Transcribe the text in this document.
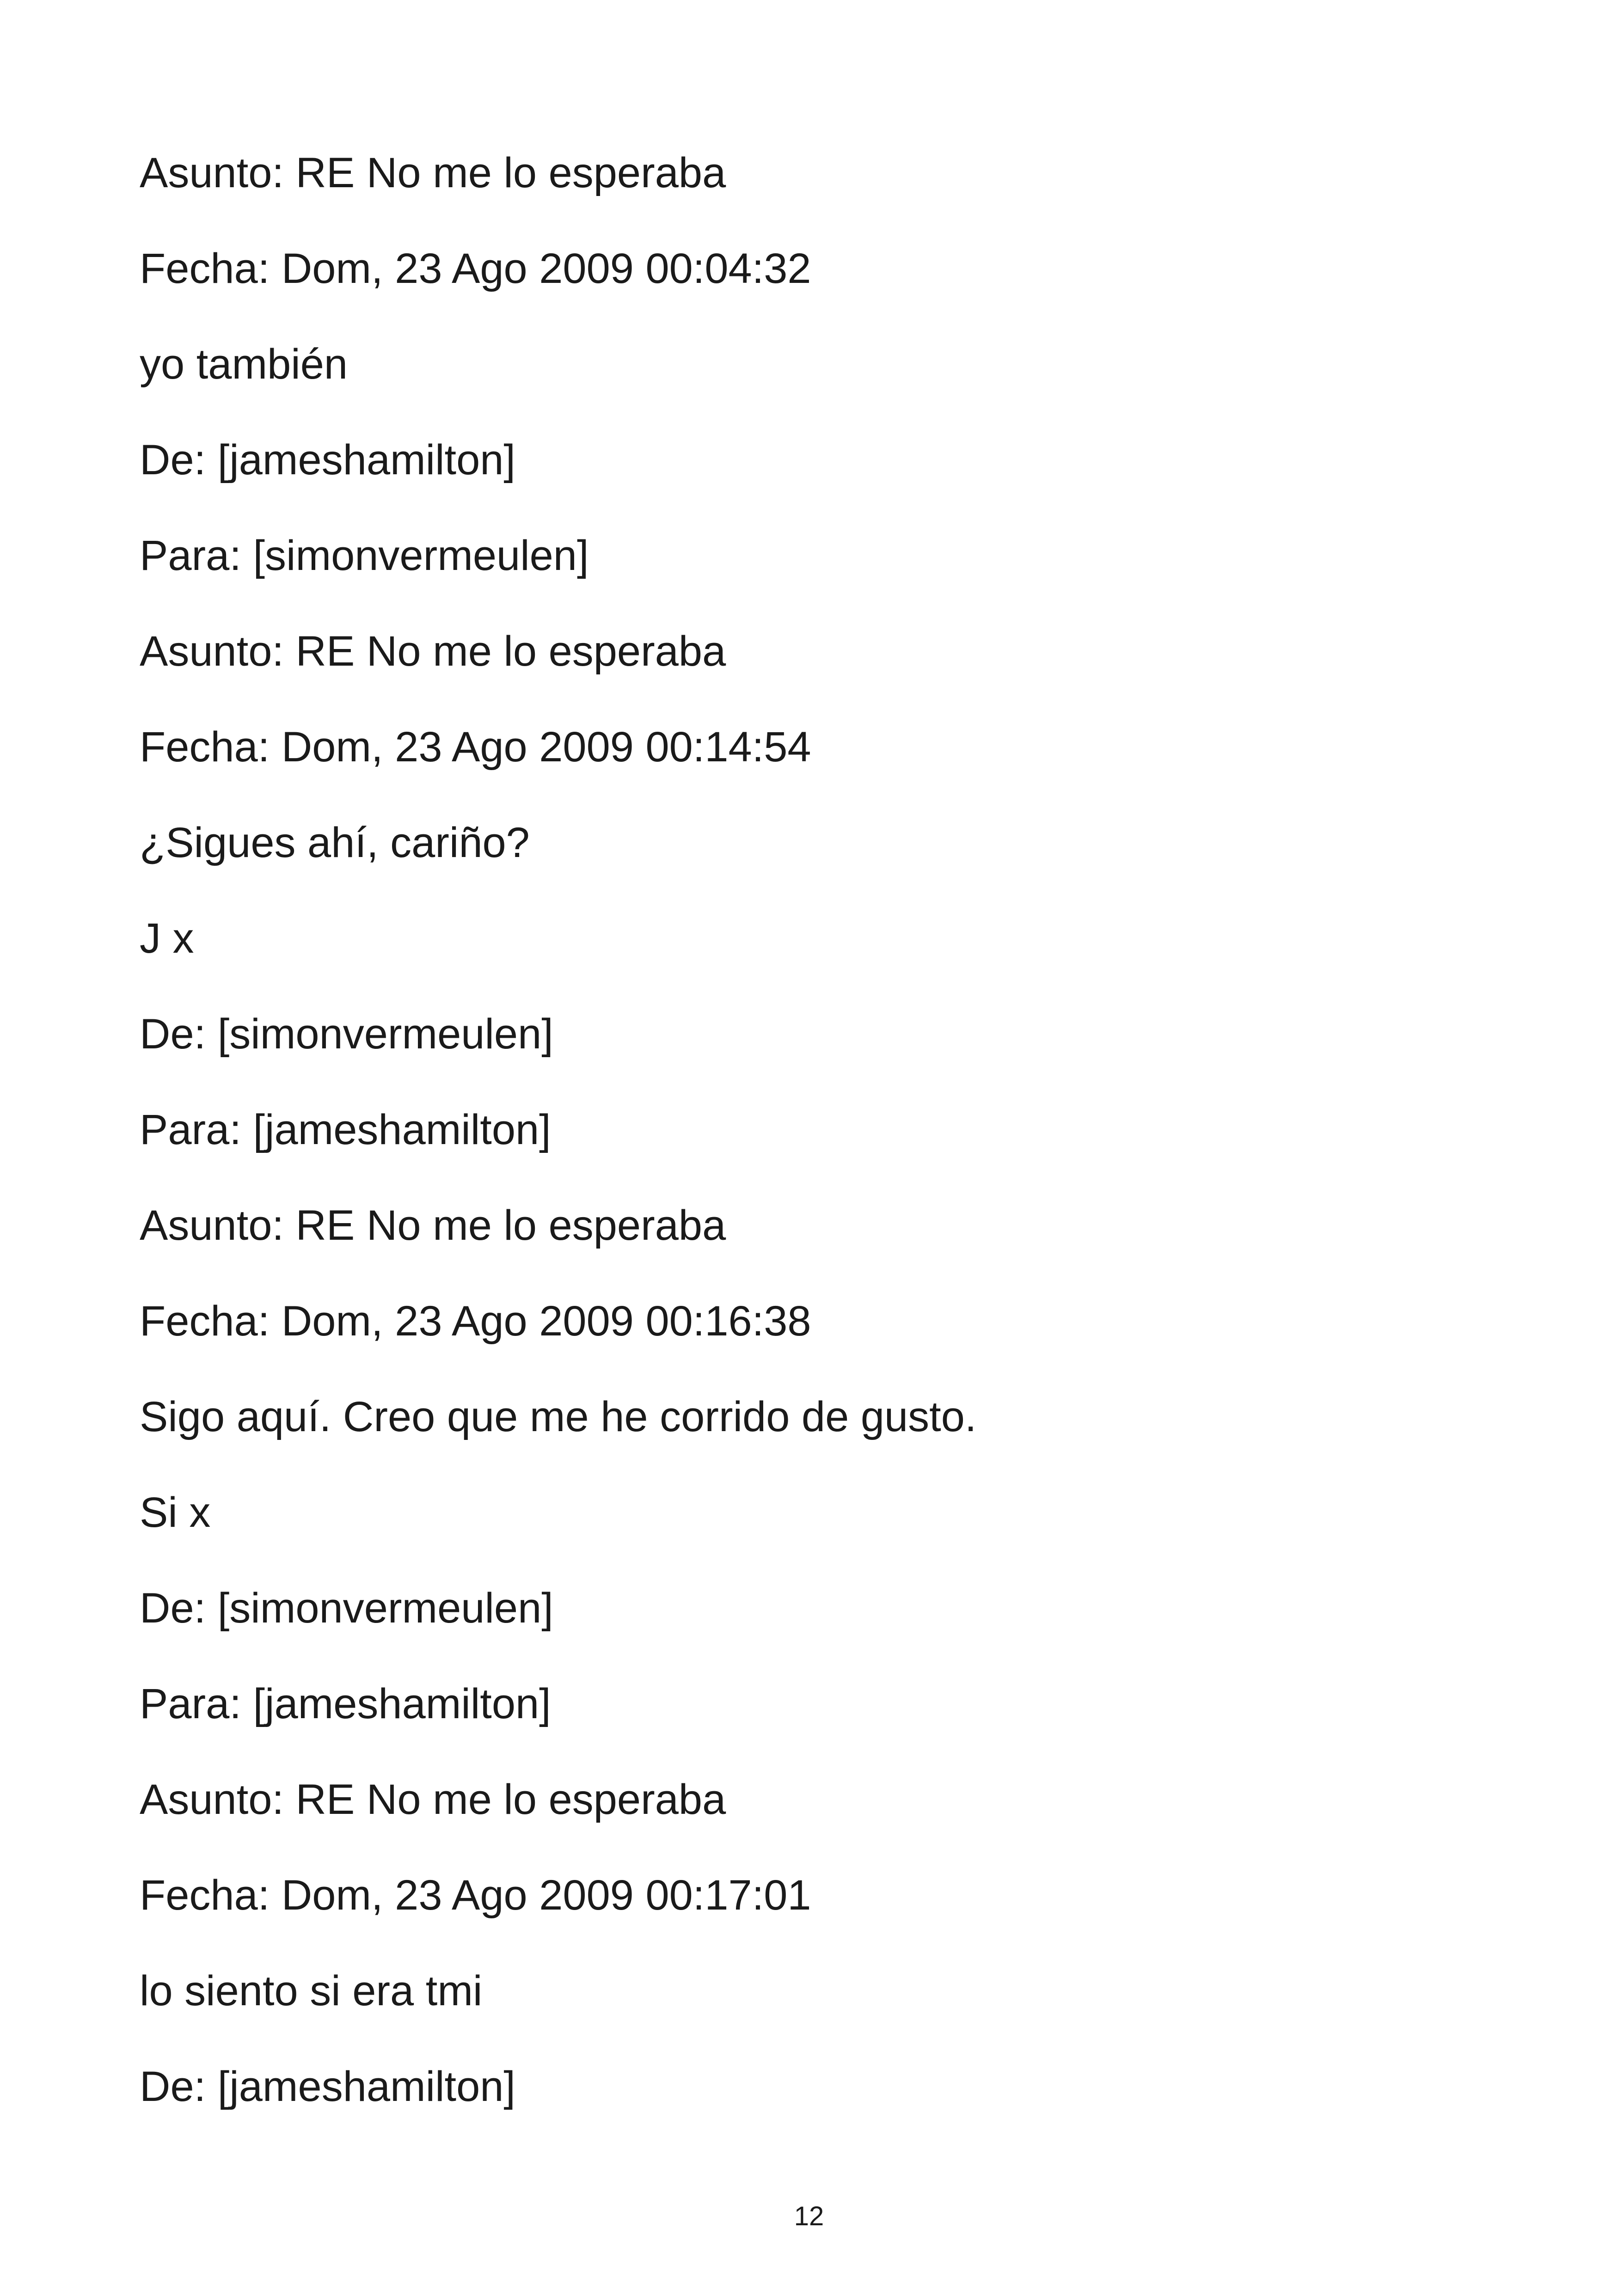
Asunto: RE No me lo esperaba
Fecha: Dom, 23 Ago 2009 00:04:32
yo también
De: [jameshamilton]
Para: [simonvermeulen]
Asunto: RE No me lo esperaba
Fecha: Dom, 23 Ago 2009 00:14:54
¿Sigues ahí, cariño?
J x
De: [simonvermeulen]
Para: [jameshamilton]
Asunto: RE No me lo esperaba
Fecha: Dom, 23 Ago 2009 00:16:38
Sigo aquí. Creo que me he corrido de gusto.
Si x
De: [simonvermeulen]
Para: [jameshamilton]
Asunto: RE No me lo esperaba
Fecha: Dom, 23 Ago 2009 00:17:01
lo siento si era tmi
De: [jameshamilton]
12
